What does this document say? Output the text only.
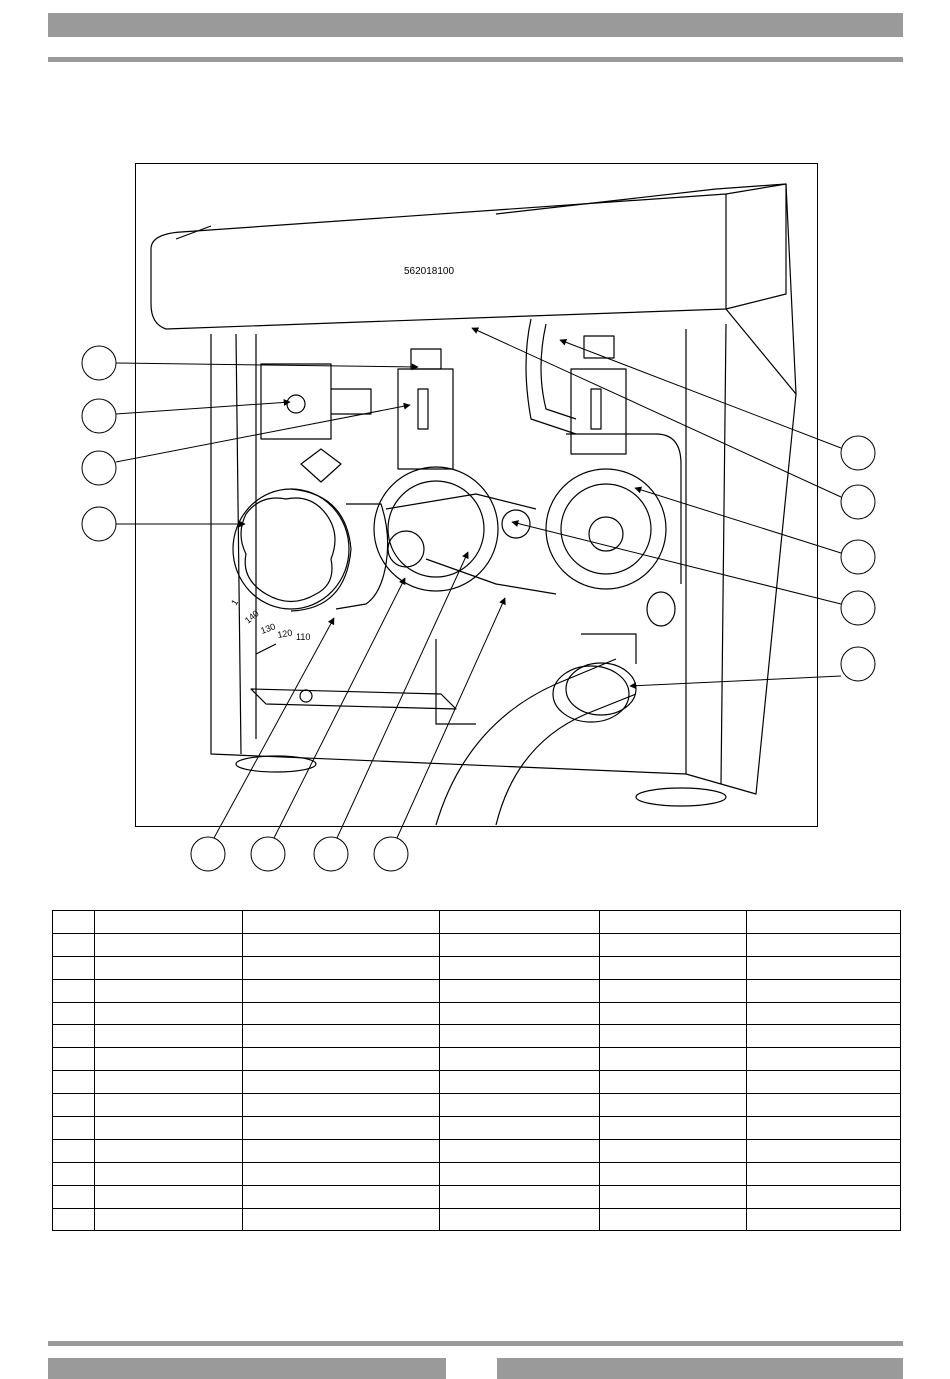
562018100
1
140
130 120 110
